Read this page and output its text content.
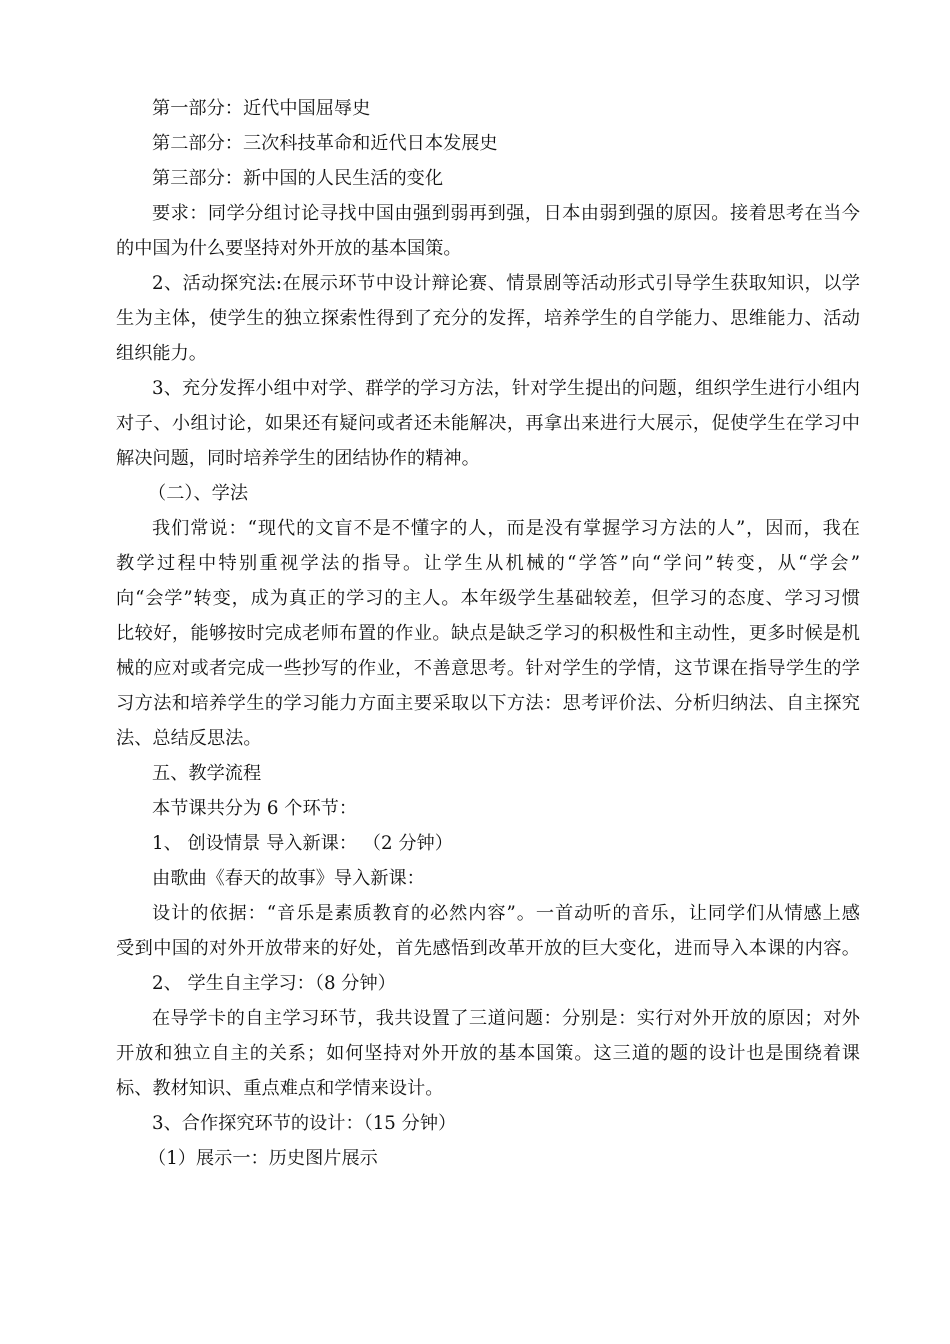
第一部分：近代中国屈辱史
第二部分：三次科技革命和近代日本发展史
第三部分：新中国的人民生活的变化
要求：同学分组讨论寻找中国由强到弱再到强，日本由弱到强的原因。接着思考在当今
的中国为什么要坚持对外开放的基本国策。
2、活动探究法:在展示环节中设计辩论赛、情景剧等活动形式引导学生获取知识，以学
生为主体，使学生的独立探索性得到了充分的发挥，培养学生的自学能力、思维能力、活动
组织能力。
3、充分发挥小组中对学、群学的学习方法，针对学生提出的问题，组织学生进行小组内
对子、小组讨论，如果还有疑问或者还未能解决，再拿出来进行大展示，促使学生在学习中
解决问题，同时培养学生的团结协作的精神。
（二）、学法
我们常说：“现代的文盲不是不懂字的人，而是没有掌握学习方法的人”，因而，我在
教学过程中特别重视学法的指导。让学生从机械的“学答”向“学问”转变，从“学会”
向“会学”转变，成为真正的学习的主人。本年级学生基础较差，但学习的态度、学习习惯
比较好，能够按时完成老师布置的作业。缺点是缺乏学习的积极性和主动性，更多时候是机
械的应对或者完成一些抄写的作业，不善意思考。针对学生的学情，这节课在指导学生的学
习方法和培养学生的学习能力方面主要采取以下方法：思考评价法、分析归纳法、自主探究
法、总结反思法。
五、教学流程
本节课共分为 6 个环节：
1、 创设情景 导入新课： （2 分钟）
由歌曲《春天的故事》导入新课：
设计的依据：“音乐是素质教育的必然内容”。一首动听的音乐，让同学们从情感上感
受到中国的对外开放带来的好处，首先感悟到改革开放的巨大变化，进而导入本课的内容。
2、 学生自主学习：（8 分钟）
在导学卡的自主学习环节，我共设置了三道问题：分别是：实行对外开放的原因；对外
开放和独立自主的关系；如何坚持对外开放的基本国策。这三道的题的设计也是围绕着课
标、教材知识、重点难点和学情来设计。
3、合作探究环节的设计：（15 分钟）
（1）展示一：历史图片展示
